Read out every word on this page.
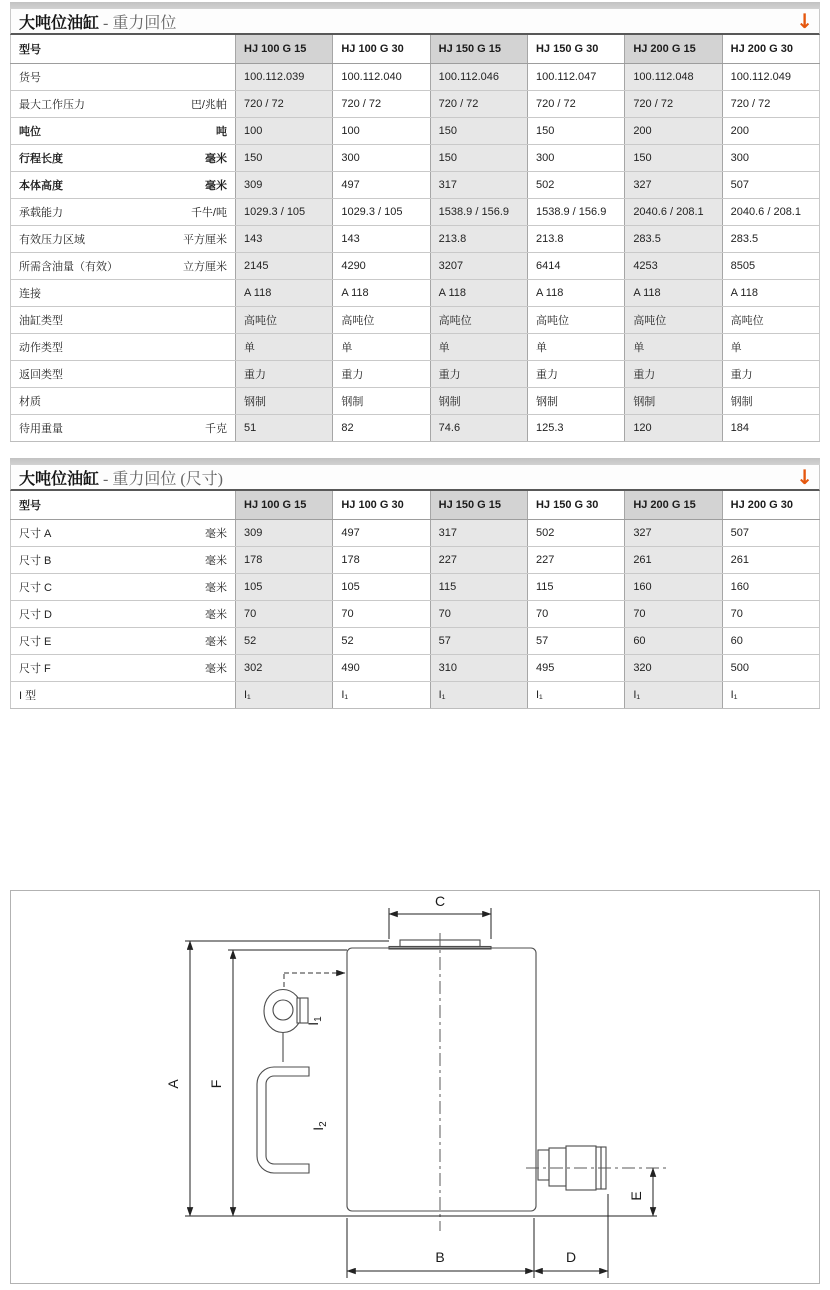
大吨位油缸 - 重力回位	↓
型号	HJ 100 G 15	HJ 100 G 30	HJ 150 G 15	HJ 150 G 30	HJ 200 G 15	HJ 200 G 30
货号	100.112.039	100.112.040	100.112.046	100.112.047	100.112.048	100.112.049
最大工作压力 巴/兆帕	720 / 72	720 / 72	720 / 72	720 / 72	720 / 72	720 / 72
吨位 吨	100	100	150	150	200	200
行程长度 毫米	150	300	150	300	150	300
本体高度 毫米	309	497	317	502	327	507
承载能力 千牛/吨	1029.3 / 105	1029.3 / 105	1538.9 / 156.9	1538.9 / 156.9	2040.6 / 208.1	2040.6 / 208.1
有效压力区域 平方厘米	143	143	213.8	213.8	283.5	283.5
所需含油量（有效） 立方厘米	2145	4290	3207	6414	4253	8505
连接	A 118	A 118	A 118	A 118	A 118	A 118
油缸类型	高吨位	高吨位	高吨位	高吨位	高吨位	高吨位
动作类型	单	单	单	单	单	单
返回类型	重力	重力	重力	重力	重力	重力
材质	钢制	钢制	钢制	钢制	钢制	钢制
待用重量 千克	51	82	74.6	125.3	120	184
大吨位油缸 - 重力回位 (尺寸)	↓
型号	HJ 100 G 15	HJ 100 G 30	HJ 150 G 15	HJ 150 G 30	HJ 200 G 15	HJ 200 G 30
尺寸 A 毫米	309	497	317	502	327	507
尺寸 B 毫米	178	178	227	227	261	261
尺寸 C 毫米	105	105	115	115	160	160
尺寸 D 毫米	70	70	70	70	70	70
尺寸 E 毫米	52	52	57	57	60	60
尺寸 F 毫米	302	490	310	495	320	500
I 型	I₁	I₁	I₁	I₁	I₁	I₁
C
A F
B	D
E
$I_1$
$I_2$
